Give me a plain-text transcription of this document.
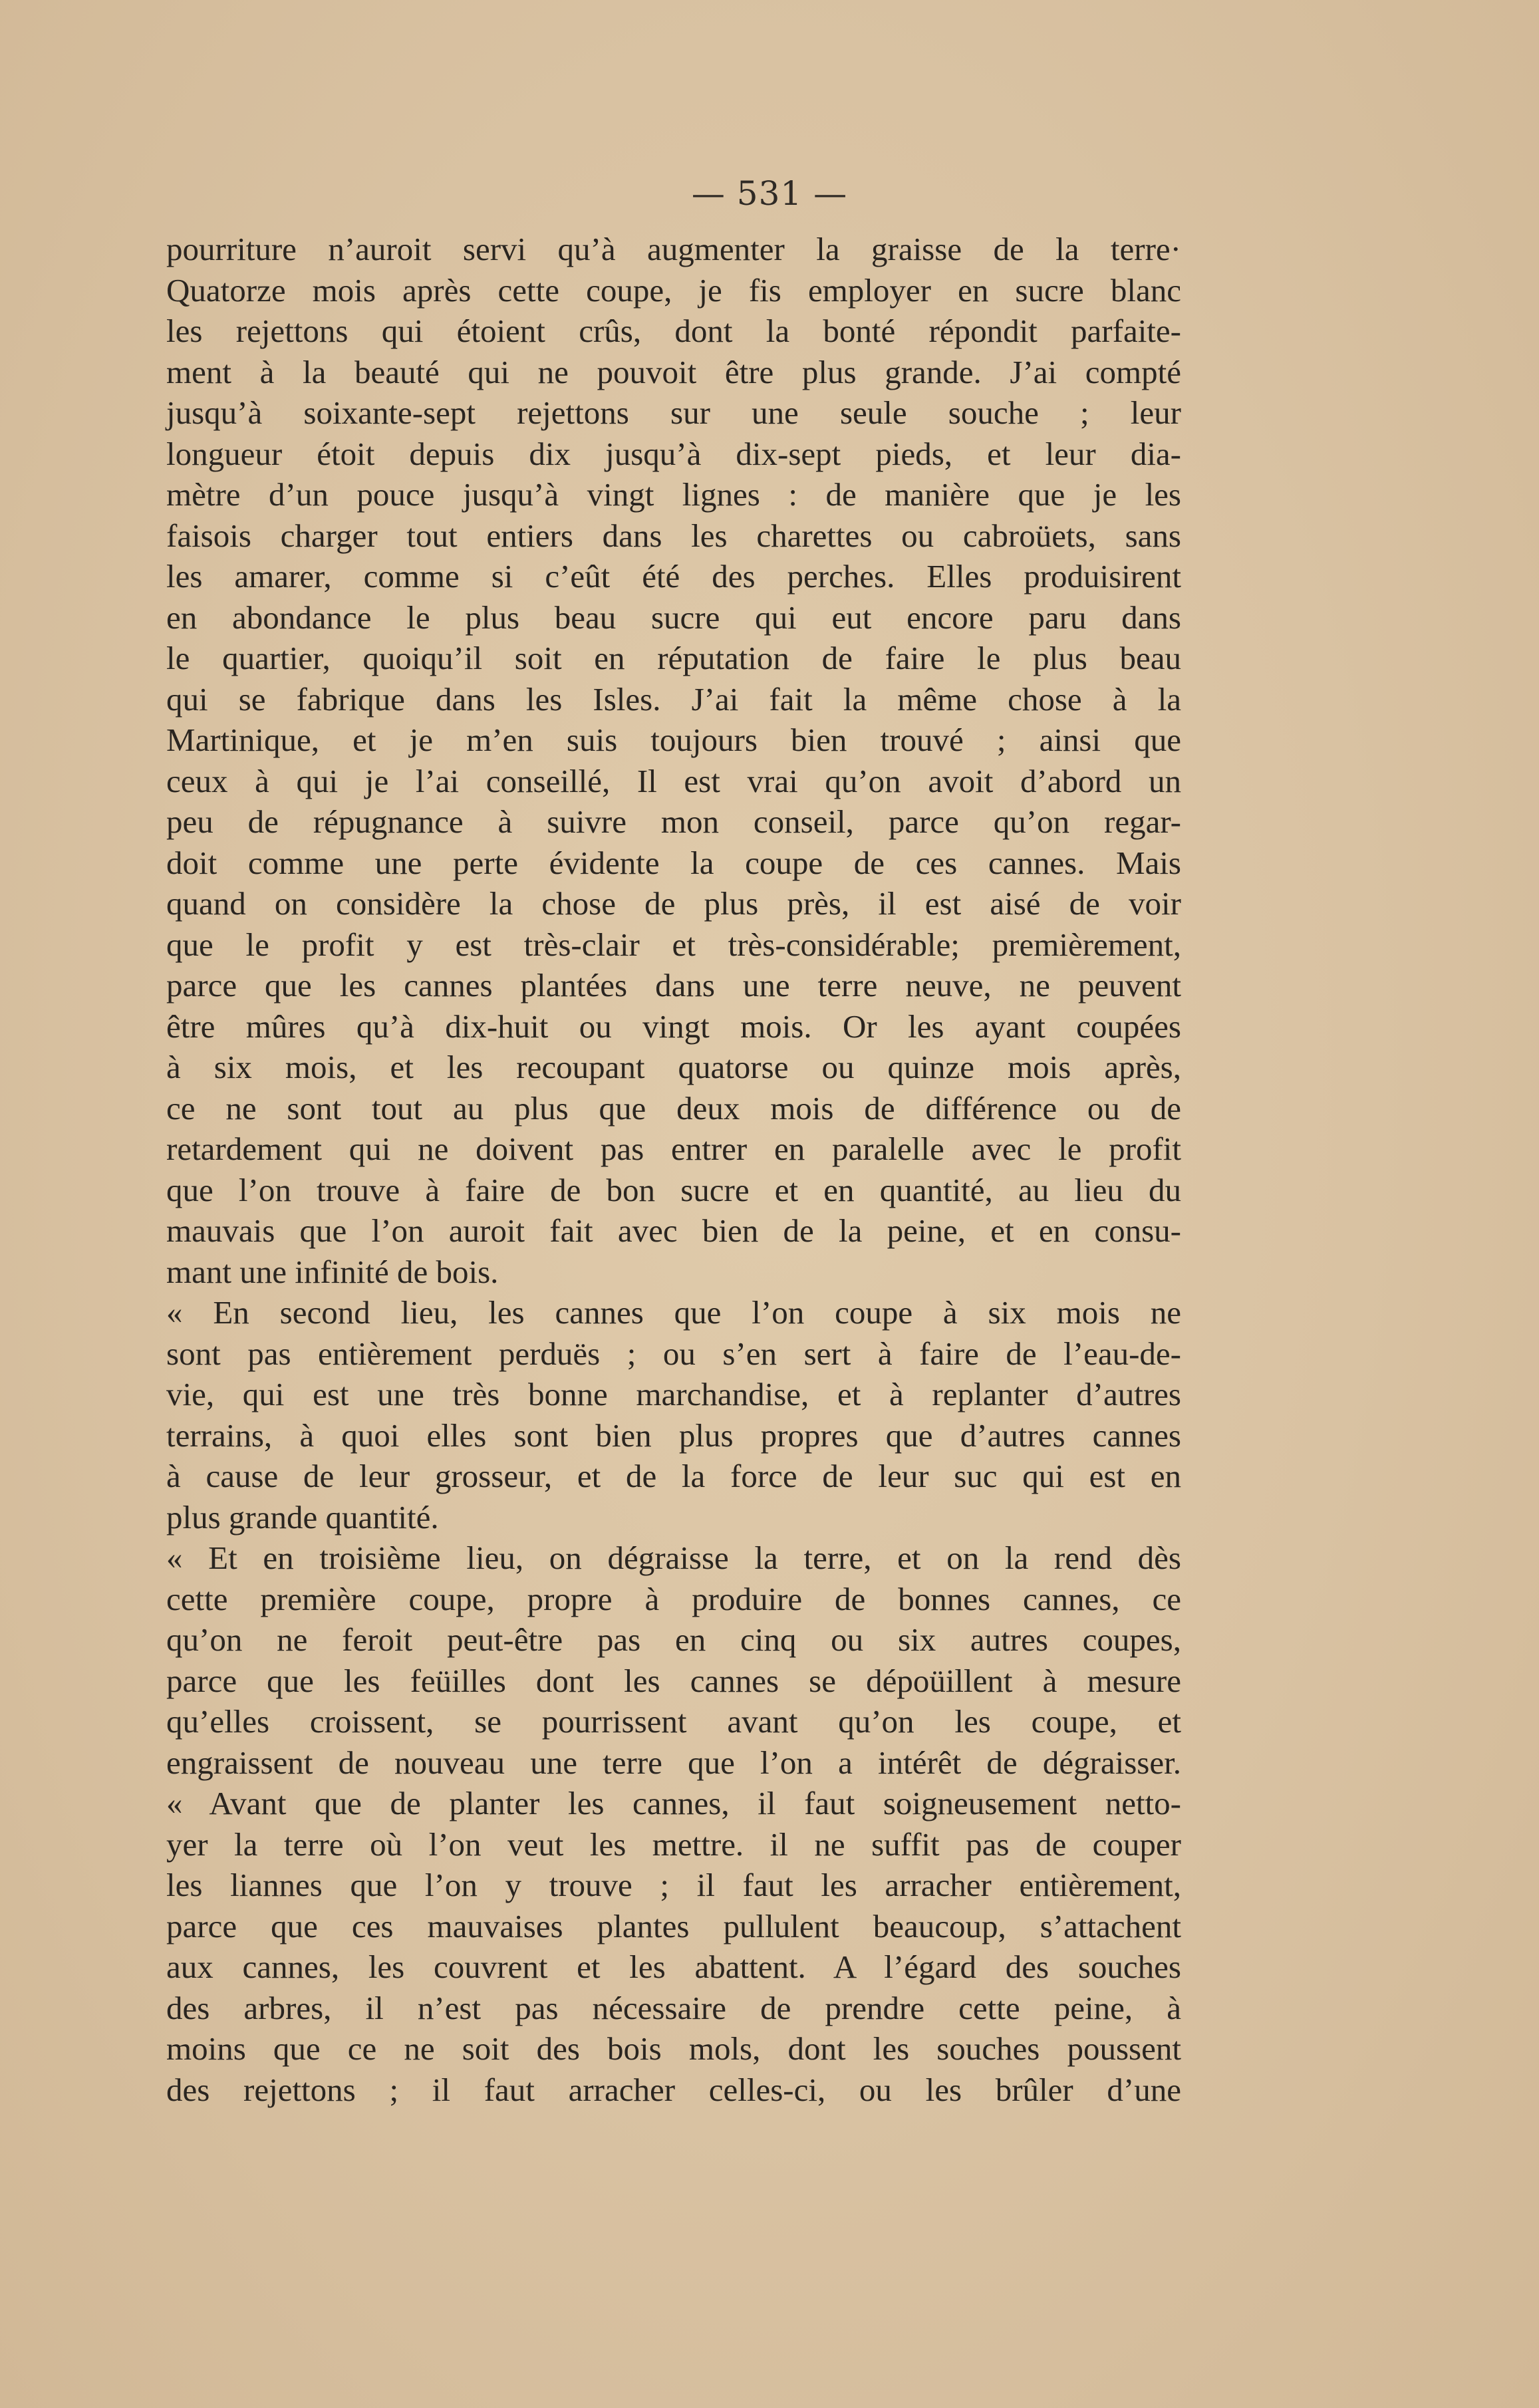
— 531 —
pourriture n’auroit servi qu’à augmenter la graisse de la terre·
Quatorze mois après cette coupe, je fis employer en sucre blanc
les rejettons qui étoient crûs, dont la bonté répondit parfaite-
ment à la beauté qui ne pouvoit être plus grande. J’ai compté
jusqu’à soixante-sept rejettons sur une seule souche ; leur
longueur étoit depuis dix jusqu’à dix-sept pieds, et leur dia-
mètre d’un pouce jusqu’à vingt lignes : de manière que je les
faisois charger tout entiers dans les charettes ou cabroüets, sans
les amarer, comme si c’eût été des perches. Elles produisirent
en abondance le plus beau sucre qui eut encore paru dans
le quartier, quoiqu’il soit en réputation de faire le plus beau
qui se fabrique dans les Isles. J’ai fait la même chose à la
Martinique, et je m’en suis toujours bien trouvé ; ainsi que
ceux à qui je l’ai conseillé, Il est vrai qu’on avoit d’abord un
peu de répugnance à suivre mon conseil, parce qu’on regar-
doit comme une perte évidente la coupe de ces cannes. Mais
quand on considère la chose de plus près, il est aisé de voir
que le profit y est très-clair et très-considérable; premièrement,
parce que les cannes plantées dans une terre neuve, ne peuvent
être mûres qu’à dix-huit ou vingt mois. Or les ayant coupées
à six mois, et les recoupant quatorse ou quinze mois après,
ce ne sont tout au plus que deux mois de différence ou de
retardement qui ne doivent pas entrer en paralelle avec le profit
que l’on trouve à faire de bon sucre et en quantité, au lieu du
mauvais que l’on auroit fait avec bien de la peine, et en consu-
mant une infinité de bois.
« En second lieu, les cannes que l’on coupe à six mois ne
sont pas entièrement perduës ; ou s’en sert à faire de l’eau-de-
vie, qui est une très bonne marchandise, et à replanter d’autres
terrains, à quoi elles sont bien plus propres que d’autres cannes
à cause de leur grosseur, et de la force de leur suc qui est en
plus grande quantité.
« Et en troisième lieu, on dégraisse la terre, et on la rend dès
cette première coupe, propre à produire de bonnes cannes, ce
qu’on ne feroit peut-être pas en cinq ou six autres coupes,
parce que les feüilles dont les cannes se dépoüillent à mesure
qu’elles croissent, se pourrissent avant qu’on les coupe, et
engraissent de nouveau une terre que l’on a intérêt de dégraisser.
« Avant que de planter les cannes, il faut soigneusement netto-
yer la terre où l’on veut les mettre. il ne suffit pas de couper
les liannes que l’on y trouve ; il faut les arracher entièrement,
parce que ces mauvaises plantes pullulent beaucoup, s’attachent
aux cannes, les couvrent et les abattent. A l’égard des souches
des arbres, il n’est pas nécessaire de prendre cette peine, à
moins que ce ne soit des bois mols, dont les souches poussent
des rejettons ; il faut arracher celles-ci, ou les brûler d’une
